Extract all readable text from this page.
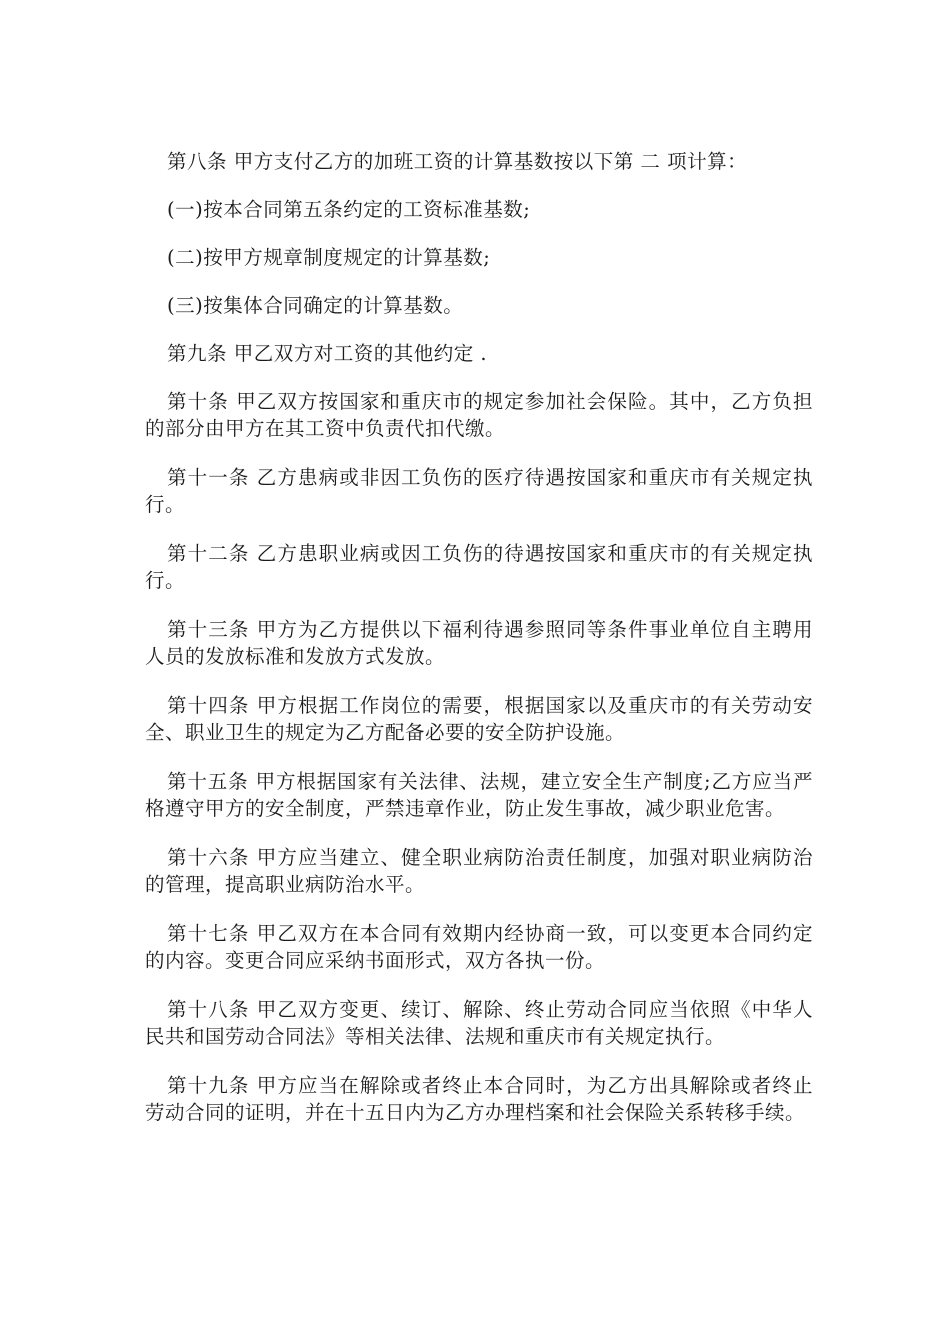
第八条 甲方支付乙方的加班工资的计算基数按以下第 二 项计算：

(一)按本合同第五条约定的工资标准基数;

(二)按甲方规章制度规定的计算基数;

(三)按集体合同确定的计算基数。

第九条 甲乙双方对工资的其他约定 .

第十条 甲乙双方按国家和重庆市的规定参加社会保险。其中，乙方负担的部分由甲方在其工资中负责代扣代缴。

第十一条 乙方患病或非因工负伤的医疗待遇按国家和重庆市有关规定执行。

第十二条 乙方患职业病或因工负伤的待遇按国家和重庆市的有关规定执行。

第十三条 甲方为乙方提供以下福利待遇参照同等条件事业单位自主聘用人员的发放标准和发放方式发放。

第十四条 甲方根据工作岗位的需要，根据国家以及重庆市的有关劳动安全、职业卫生的规定为乙方配备必要的安全防护设施。

第十五条 甲方根据国家有关法律、法规，建立安全生产制度;乙方应当严格遵守甲方的安全制度，严禁违章作业，防止发生事故，减少职业危害。

第十六条 甲方应当建立、健全职业病防治责任制度，加强对职业病防治的管理，提高职业病防治水平。

第十七条 甲乙双方在本合同有效期内经协商一致，可以变更本合同约定的内容。变更合同应采纳书面形式，双方各执一份。

第十八条 甲乙双方变更、续订、解除、终止劳动合同应当依照《中华人民共和国劳动合同法》等相关法律、法规和重庆市有关规定执行。

第十九条 甲方应当在解除或者终止本合同时，为乙方出具解除或者终止劳动合同的证明，并在十五日内为乙方办理档案和社会保险关系转移手续。
